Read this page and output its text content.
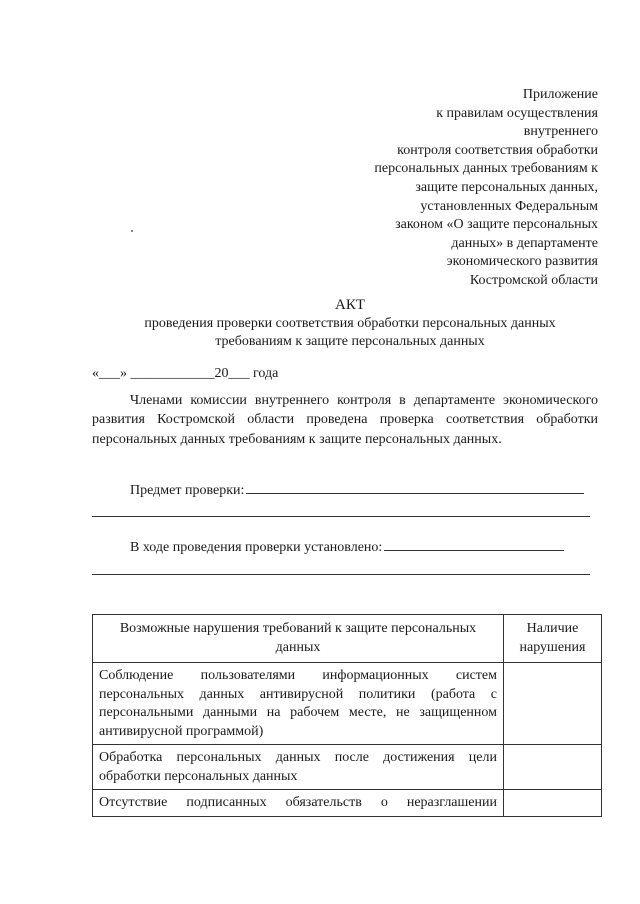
Приложение
к правилам осуществления
внутреннего
контроля соответствия обработки
персональных данных требованиям к
защите персональных данных,
установленных Федеральным
законом «О защите персональных
данных» в департаменте
экономического развития
Костромской области
АКТ
проведения проверки соответствия обработки персональных данных
требованиям к защите персональных данных
«___» ____________20___ года
Членами комиссии внутреннего контроля в департаменте экономического развития Костромской области проведена проверка соответствия обработки персональных данных требованиям к защите персональных данных.
Предмет проверки:
В ходе проведения проверки установлено:
Возможные нарушения требований к защите персональных данных	Наличие нарушения
Соблюдение пользователями информационных систем персональных данных антивирусной политики (работа с персональными данными на рабочем месте, не защищенном антивирусной программой)	
Обработка персональных данных после достижения цели обработки персональных данных	
Отсутствие подписанных обязательств о неразглашении	
